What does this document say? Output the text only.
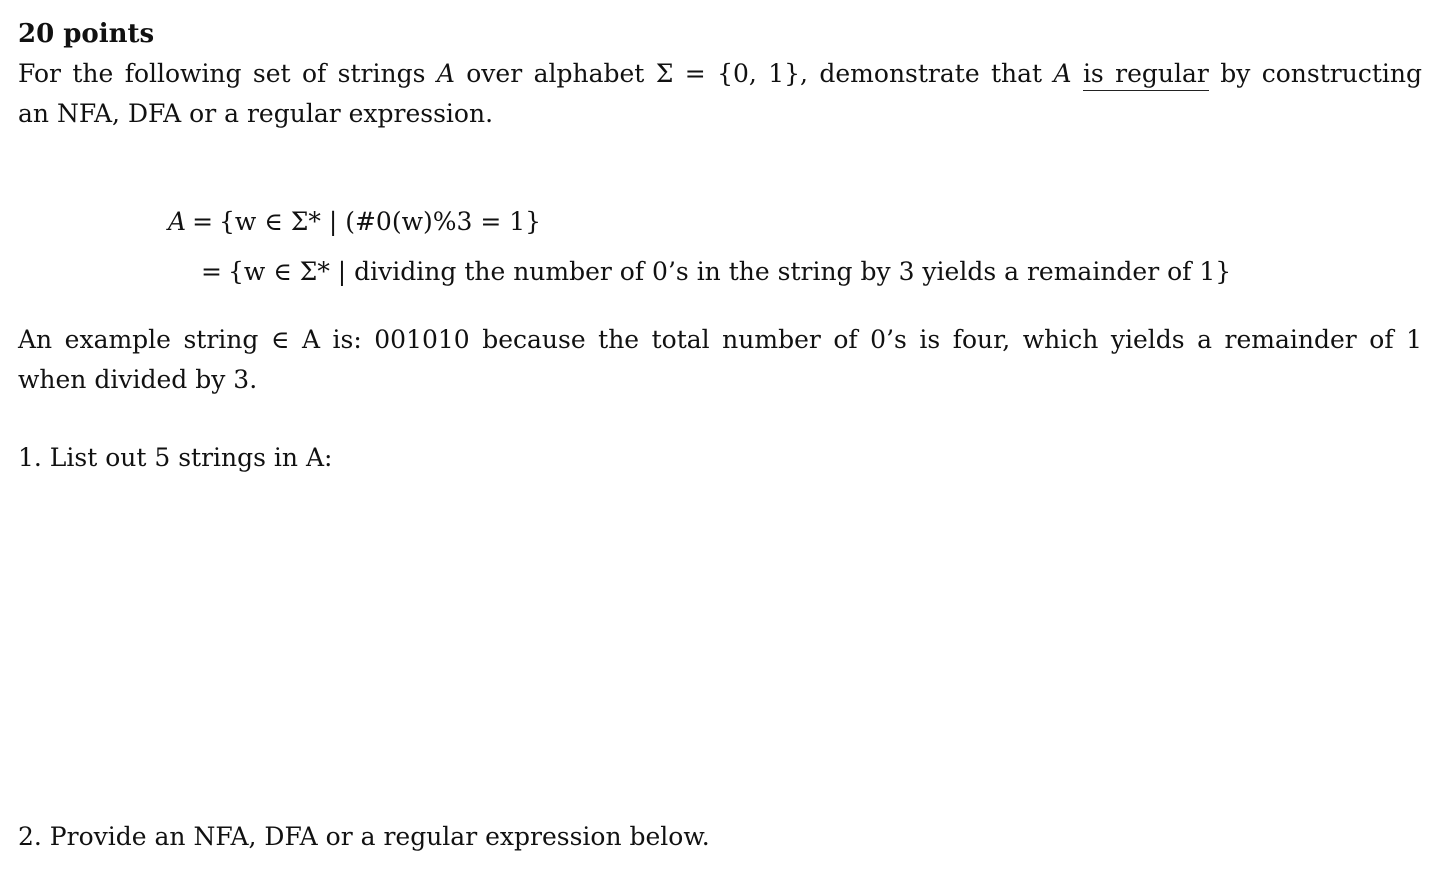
20 points
For the following set of strings A over alphabet Σ = {0, 1}, demonstrate that A is regular by constructing
an NFA, DFA or a regular expression.
A = {w ∈ Σ* | (#0(w)%3 = 1}
= {w ∈ Σ* | dividing the number of 0’s in the string by 3 yields a remainder of 1}
An example string ∈ A is: 001010 because the total number of 0’s is four, which yields a remainder of 1
when divided by 3.
1. List out 5 strings in A:
2. Provide an NFA, DFA or a regular expression below.
